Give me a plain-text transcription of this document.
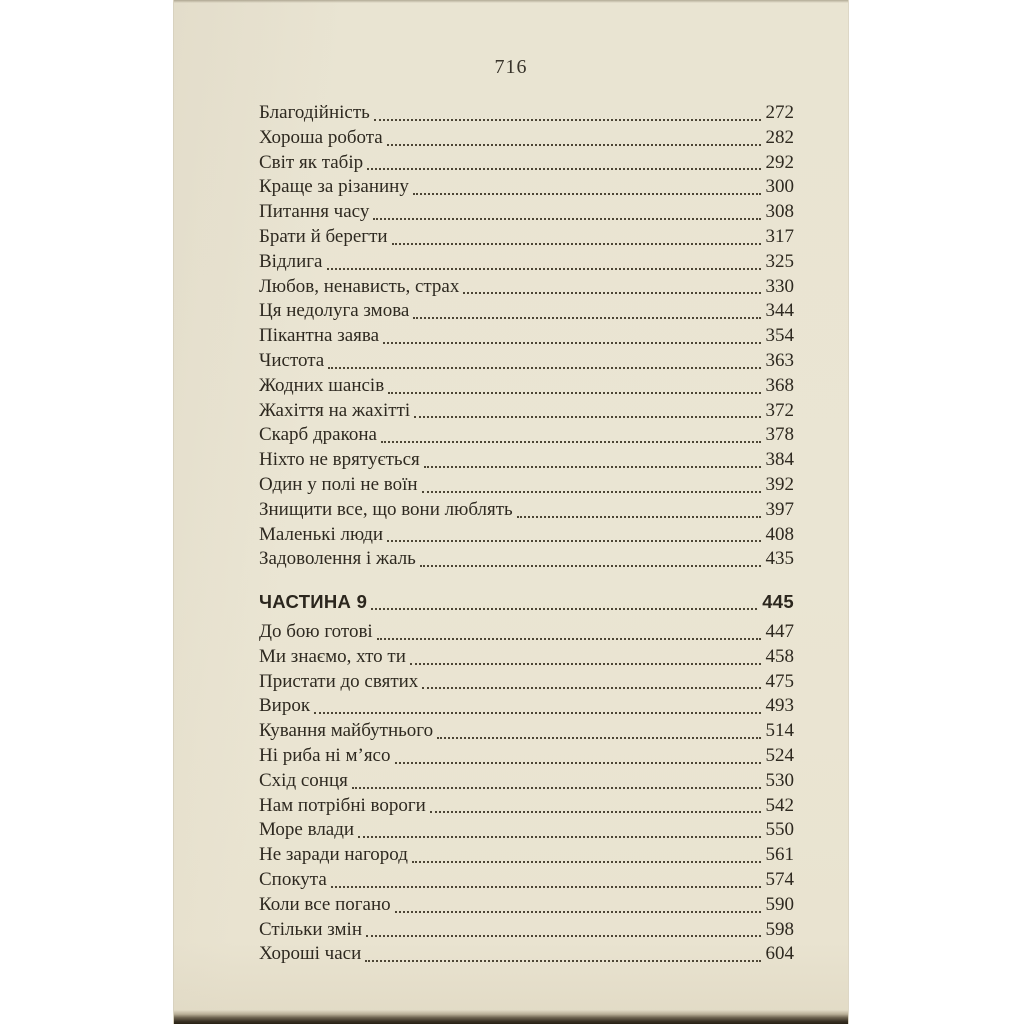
716
Благодійність	272
Хороша робота	282
Світ як табір	292
Краще за різанину	300
Питання часу	308
Брати й берегти	317
Відлига	325
Любов, ненависть, страх	330
Ця недолуга змова	344
Пікантна заява	354
Чистота	363
Жодних шансів	368
Жахіття на жахітті	372
Скарб дракона	378
Ніхто не врятується	384
Один у полі не воїн	392
Знищити все, що вони люблять	397
Маленькі люди	408
Задоволення і жаль	435
ЧАСТИНА 9	445
До бою готові	447
Ми знаємо, хто ти	458
Пристати до святих	475
Вирок	493
Кування майбутнього	514
Ні риба ні м’ясо	524
Схід сонця	530
Нам потрібні вороги	542
Море влади	550
Не заради нагород	561
Спокута	574
Коли все погано	590
Стільки змін	598
Хороші часи	604
